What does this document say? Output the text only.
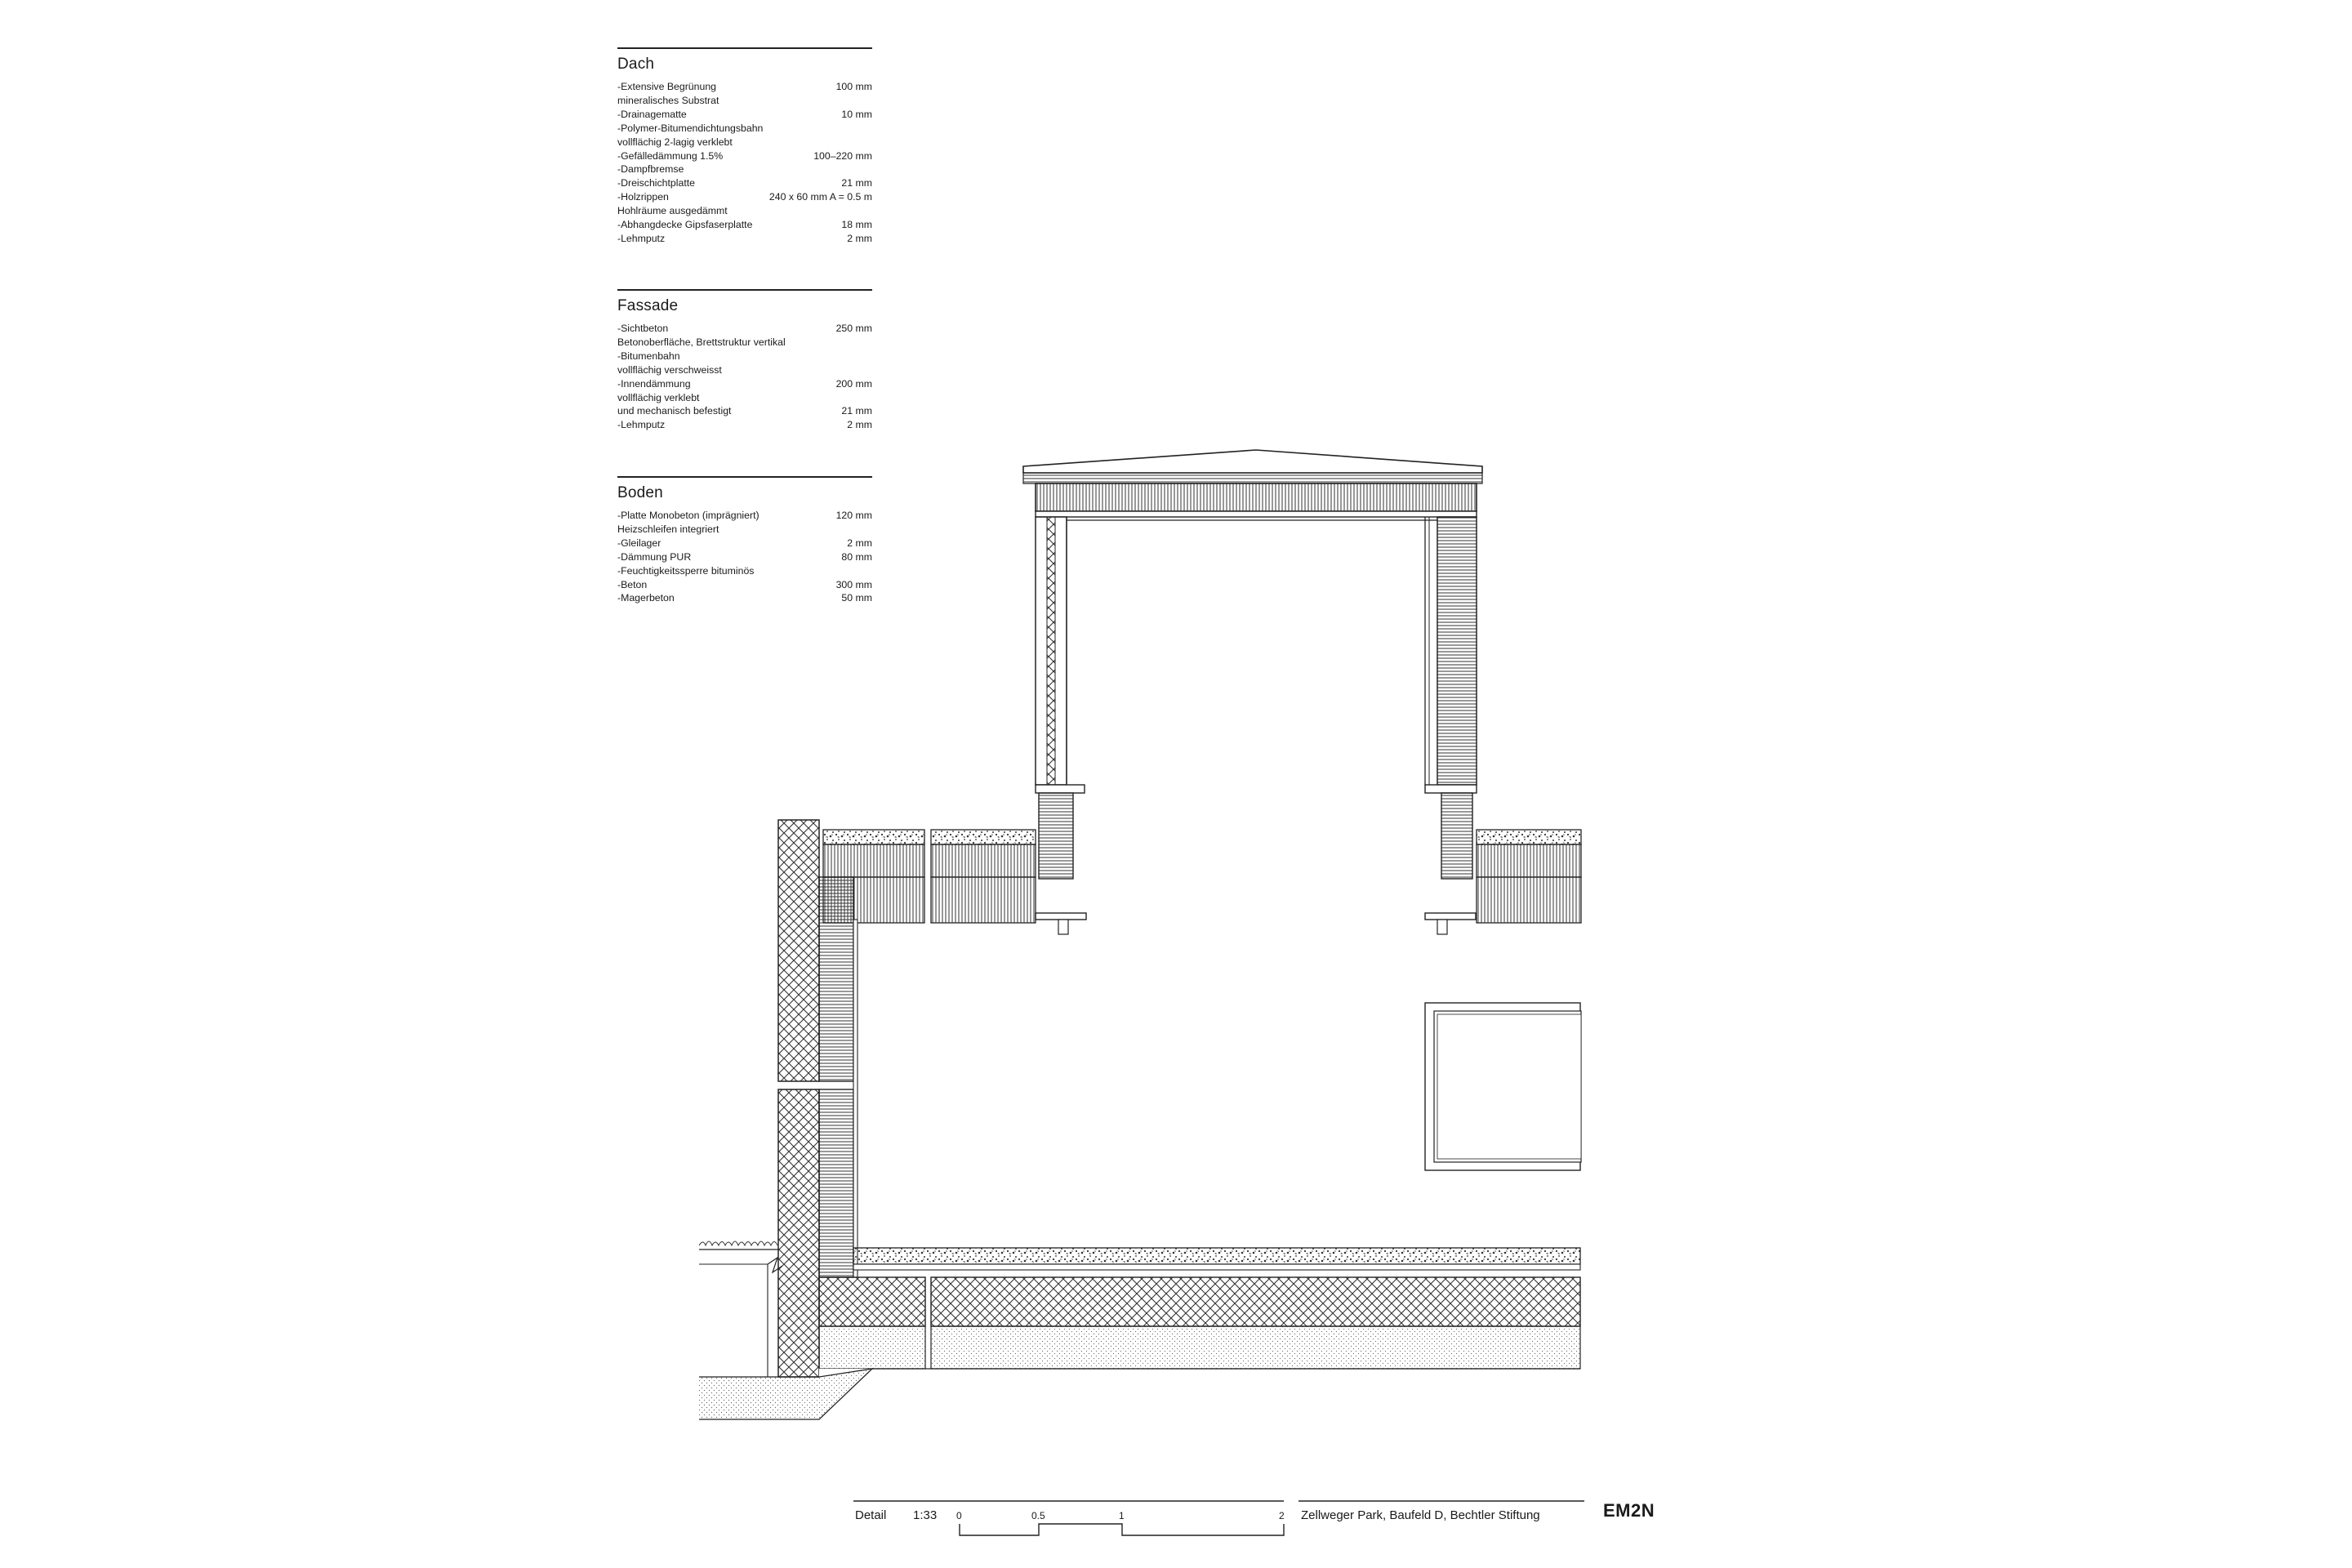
Dach
-Extensive Begrünung	100 mm
mineralisches Substrat
-Drainagematte	10 mm
-Polymer-Bitumendichtungsbahn
vollflächig 2-lagig verklebt
-Gefälledämmung 1.5%	100–220 mm
-Dampfbremse
-Dreischichtplatte	21 mm
-Holzrippen	240 x 60 mm A = 0.5 m
Hohlräume ausgedämmt
-Abhangdecke Gipsfaserplatte	18 mm
-Lehmputz	2 mm
Fassade
-Sichtbeton	250 mm
Betonoberfläche, Brettstruktur vertikal
-Bitumenbahn
vollflächig verschweisst
-Innendämmung	200 mm
vollflächig verklebt
und mechanisch befestigt	21 mm
-Lehmputz	2 mm
Boden
-Platte Monobeton (imprägniert)	120 mm
Heizschleifen integriert
-Gleilager	2 mm
-Dämmung PUR	80 mm
-Feuchtigkeitssperre bituminös
-Beton	300 mm
-Magerbeton	50 mm
Detail 1:33 0	0.5	1	2 Zellweger Park, Baufeld D, Bechtler Stiftung	EM2N
